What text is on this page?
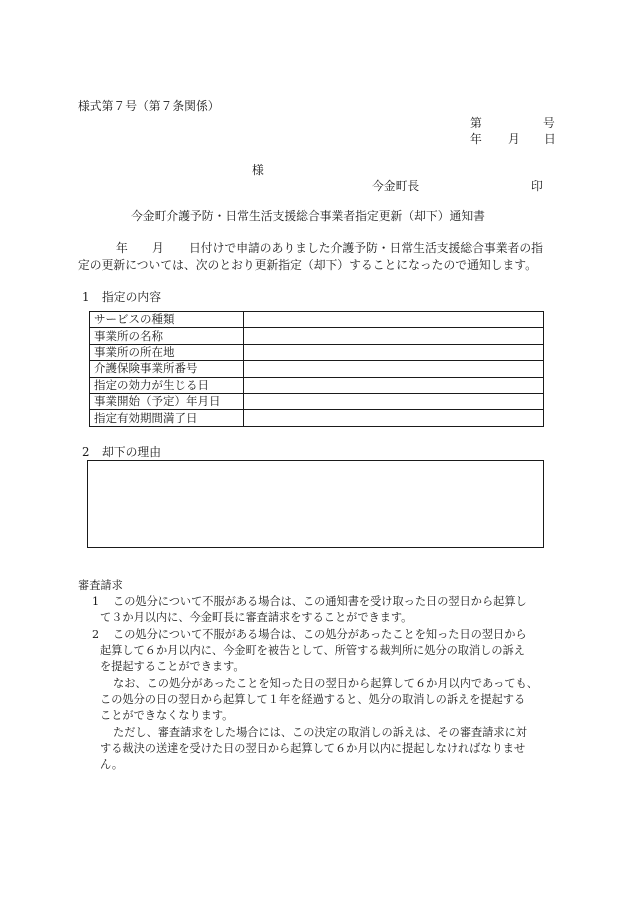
様式第７号（第７条関係）
第	号
年 月 日
様
今金町長	印
今金町介護予防・日常生活支援総合事業者指定更新（却下）通知書
年 月 日付けで申請のありました介護予防・日常生活支援総合事業者の指
定の更新については、次のとおり更新指定（却下）することになったので通知します。
1 指定の内容
サービスの種類	
事業所の名称	
事業所の所在地	
介護保険事業所番号	
指定の効力が生じる日	
事業開始（予定）年月日	
指定有効期間満了日	
2 却下の理由
審査請求
1 この処分について不服がある場合は、この通知書を受け取った日の翌日から起算し
て３か月以内に、今金町長に審査請求をすることができます。
2 この処分について不服がある場合は、この処分があったことを知った日の翌日から
起算して６か月以内に、今金町を被告として、所管する裁判所に処分の取消しの訴え
を提起することができます。
なお、この処分があったことを知った日の翌日から起算して６か月以内であっても、
この処分の日の翌日から起算して１年を経過すると、処分の取消しの訴えを提起する
ことができなくなります。
ただし、審査請求をした場合には、この決定の取消しの訴えは、その審査請求に対
する裁決の送達を受けた日の翌日から起算して６か月以内に提起しなければなりませ
ん。
